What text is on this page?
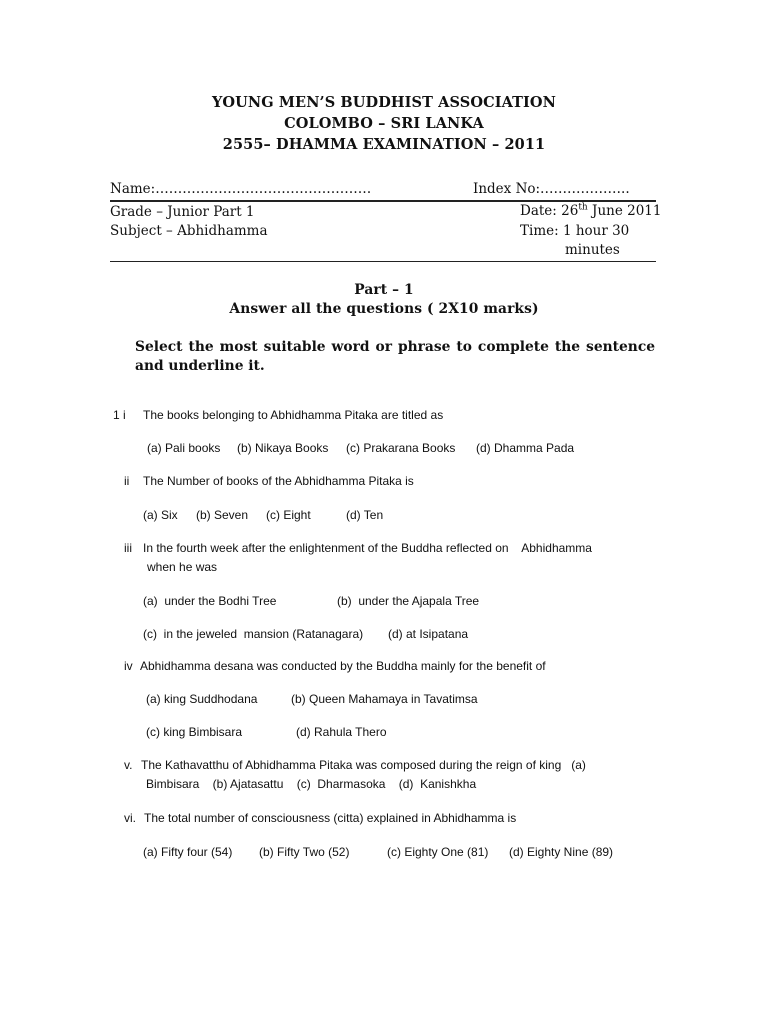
YOUNG MEN’S BUDDHIST ASSOCIATION
COLOMBO – SRI LANKA
2555– DHAMMA EXAMINATION – 2011
Name:…………………………………………	Index No:………………..
Grade – Junior Part 1	Date: 26th June 2011
Subject – Abhidhamma	Time: 1 hour 30
minutes
Part – 1
Answer all the questions ( 2X10 marks)
Select the most suitable word or phrase to complete the sentence and underline it.
1 i The books belonging to Abhidhamma Pitaka are titled as
(a) Pali books (b) Nikaya Books (c) Prakarana Books (d) Dhamma Pada
ii The Number of books of the Abhidhamma Pitaka is
(a) Six (b) Seven (c) Eight	(d) Ten
iii In the fourth week after the enlightenment of the Buddha reflected on    Abhidhamma
when he was
(a)  under the Bodhi Tree	(b)  under the Ajapala Tree
(c)  in the jeweled  mansion (Ratanagara) (d) at Isipatana
iv Abhidhamma desana was conducted by the Buddha mainly for the benefit of
(a) king Suddhodana	(b) Queen Mahamaya in Tavatimsa
(c) king Bimbisara	(d) Rahula Thero
v. The Kathavatthu of Abhidhamma Pitaka was composed during the reign of king   (a)
Bimbisara    (b) Ajatasattu    (c)  Dharmasoka    (d)  Kanishkha
vi. The total number of consciousness (citta) explained in Abhidhamma is
(a) Fifty four (54) (b) Fifty Two (52)	(c) Eighty One (81) (d) Eighty Nine (89)
